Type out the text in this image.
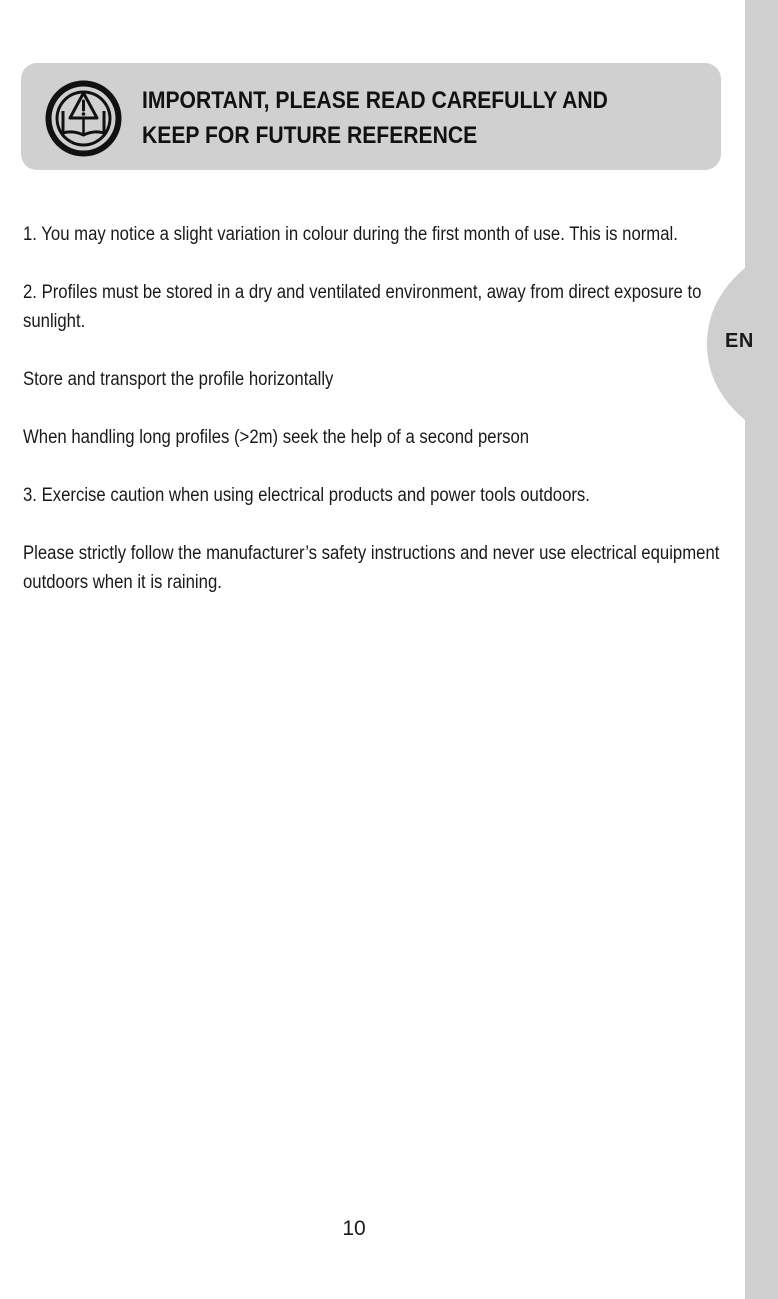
EN
IMPORTANT, PLEASE READ CAREFULLY AND
KEEP FOR FUTURE REFERENCE

1. You may notice a slight variation in colour during the first month of use. This is normal.

2. Profiles must be stored in a dry and ventilated environment, away from direct exposure to sunlight.

Store and transport the profile horizontally

When handling long profiles (>2m) seek the help of a second person

3. Exercise caution when using electrical products and power tools outdoors.

Please strictly follow the manufacturer’s safety instructions and never use electrical equipment outdoors when it is raining.

10
